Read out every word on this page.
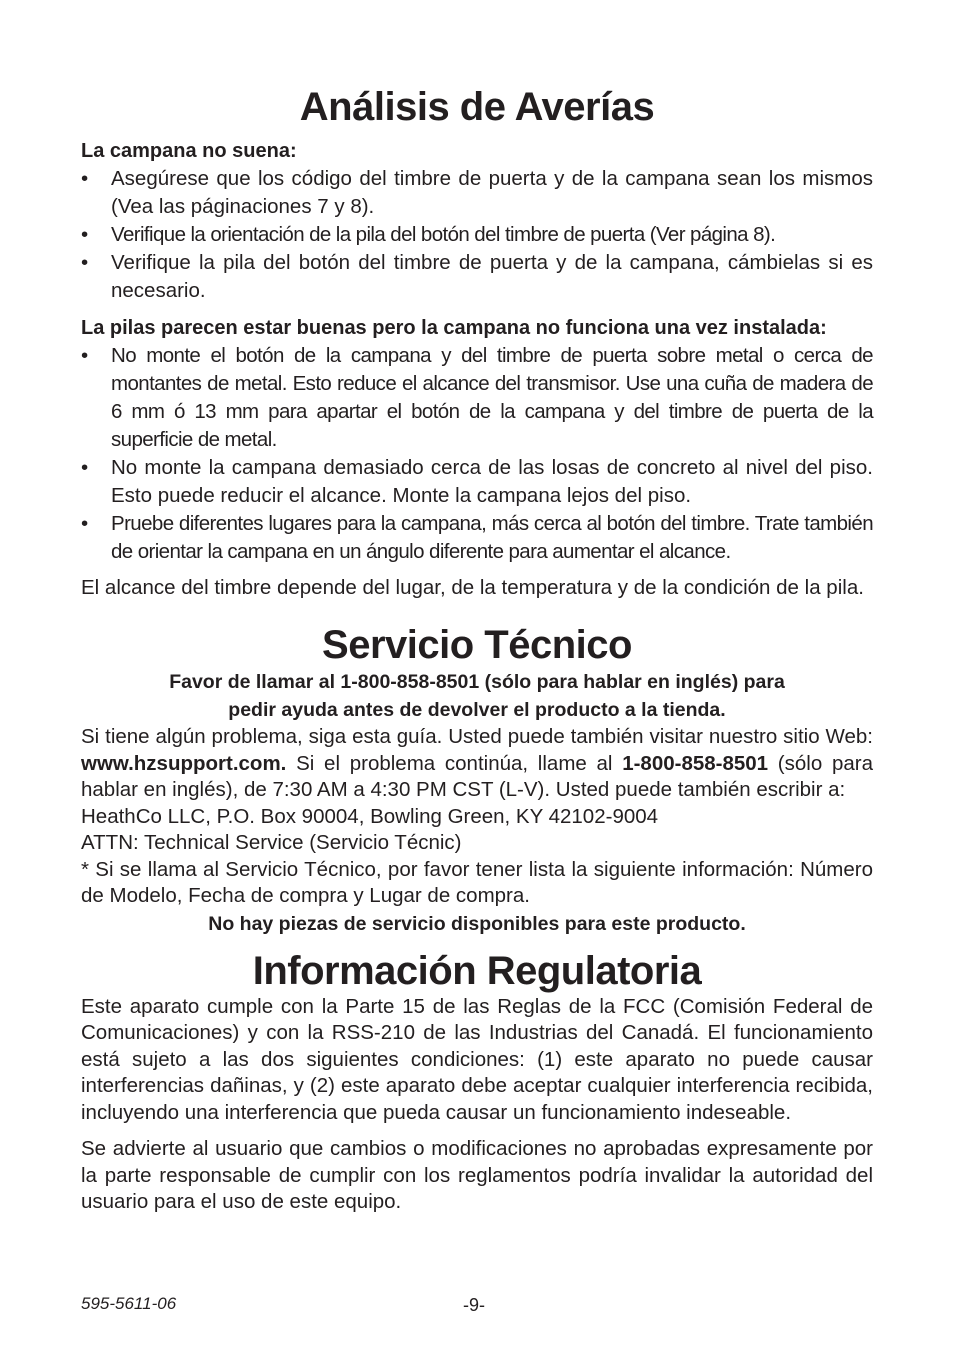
Análisis de Averías

La campana no suena:

•	Asegúrese que los código del timbre de puerta y de la campana sean los mismos (Vea las páginaciones 7 y 8).
•	Verifique la orientación de la pila del botón del timbre de puerta (Ver página 8).
•	Verifique la pila del botón del timbre de puerta y de la campana, cámbielas si es necesario.

La pilas parecen estar buenas pero la campana no funciona una vez instalada:

•	No monte el botón de la campana y del timbre de puerta sobre metal o cerca de montantes de metal. Esto reduce el alcance del transmisor. Use una cuña de madera de 6 mm ó 13 mm para apartar el botón de la campana y del timbre de puerta de la superficie de metal.
•	No monte la campana demasiado cerca de las losas de concreto al nivel del piso. Esto puede reducir el alcance. Monte la campana lejos del piso.
•	Pruebe diferentes lugares para la campana, más cerca al botón del timbre. Trate también de orientar la campana en un ángulo diferente para aumentar el alcance.

El alcance del timbre depende del lugar, de la temperatura y de la condición de la pila.

Servicio Técnico

Favor de llamar al 1-800-858-8501 (sólo para hablar en inglés) para

pedir ayuda antes de devolver el producto a la tienda.

Si tiene algún problema, siga esta guía. Usted puede también visitar nuestro sitio Web: www.hzsupport.com. Si el problema continúa, llame al 1-800-858-8501 (sólo para hablar en inglés), de 7:30 AM a 4:30 PM CST (L-V). Usted puede también escribir a:

HeathCo LLC, P.O. Box 90004, Bowling Green, KY 42102-9004

ATTN: Technical Service (Servicio Técnic)

* Si se llama al Servicio Técnico, por favor tener lista la siguiente información: Número de Modelo, Fecha de compra y Lugar de compra.

No hay piezas de servicio disponibles para este producto.

Información Regulatoria

Este aparato cumple con la Parte 15 de las Reglas de la FCC (Comisión Federal de Comunicaciones) y con la RSS-210 de las Industrias del Canadá. El funcionamiento está sujeto a las dos siguientes condiciones: (1) este aparato no puede causar interferencias dañinas, y (2) este aparato debe aceptar cualquier interferencia recibida, incluyendo una interferencia que pueda causar un funcionamiento indeseable.

Se advierte al usuario que cambios o modificaciones no aprobadas expresamente por la parte responsable de cumplir con los reglamentos podría invalidar la autoridad del usuario para el uso de este equipo.

595-5611-06	-9-
